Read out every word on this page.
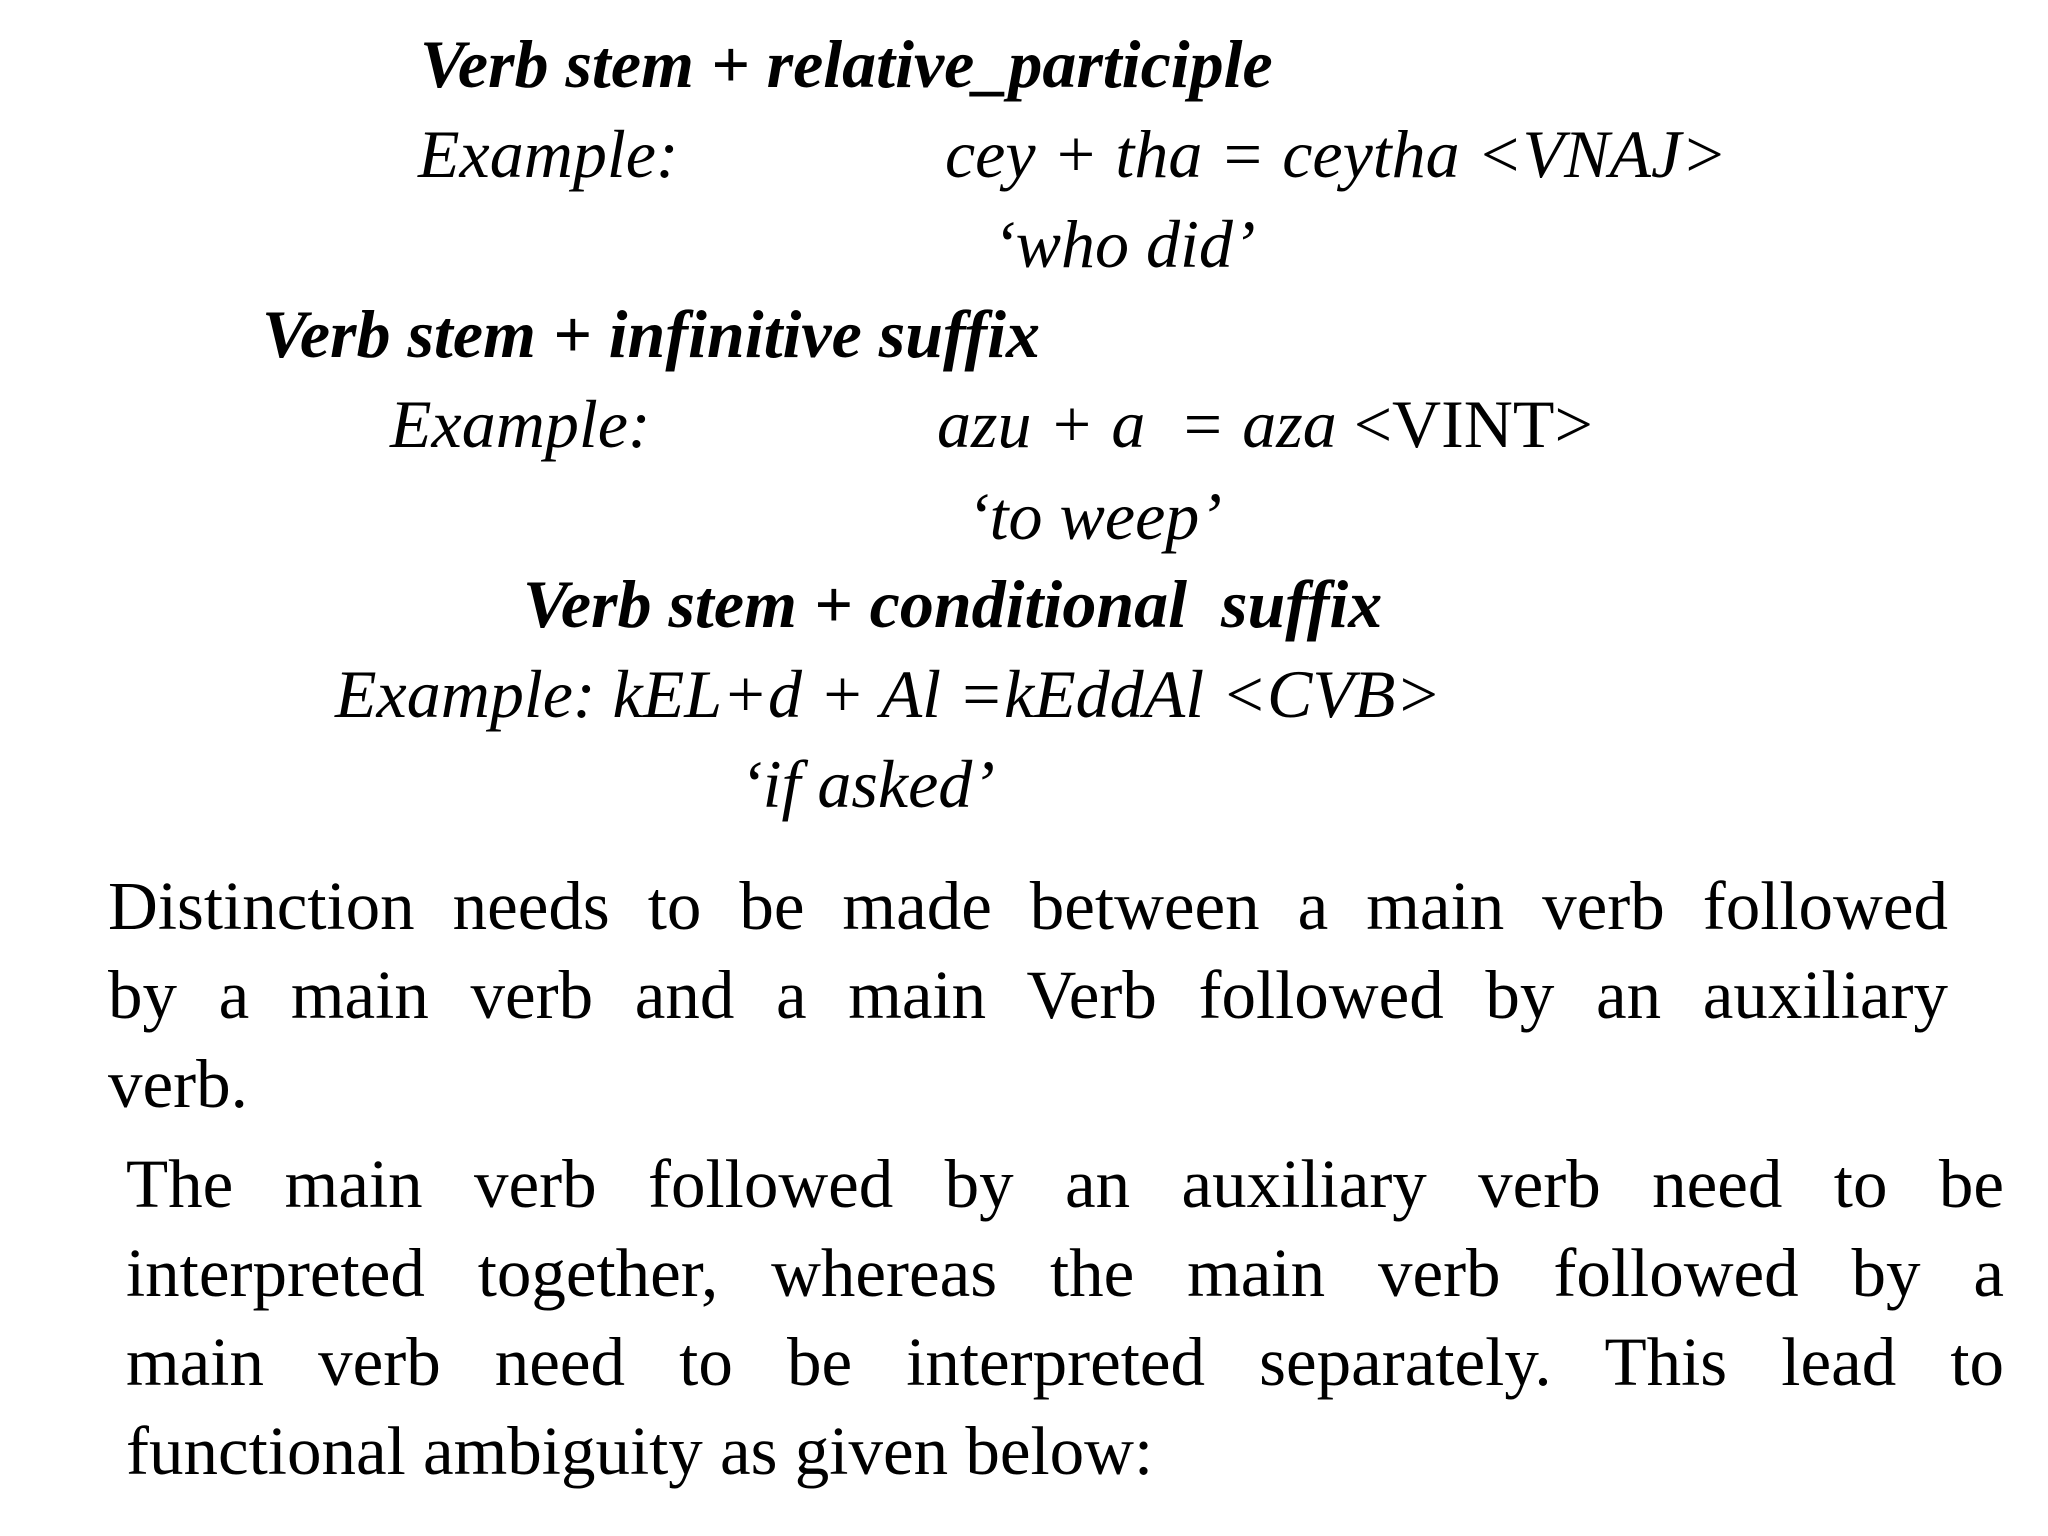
Verb stem + relative_participle
Example:	cey + tha = ceytha <VNAJ>
‘who did’
Verb stem + infinitive suffix
Example:	azu + a  = aza <VINT>
‘to weep’
Verb stem + conditional  suffix
Example: kEL+d + Al =kEddAl <CVB>
‘if asked’
Distinction needs to be made between a main verb followed
by a main verb and a main Verb followed by an auxiliary
verb.
The main verb followed by an auxiliary verb need to be
interpreted together, whereas the main verb followed by a
main verb need to be interpreted separately. This lead to
functional ambiguity as given below:
